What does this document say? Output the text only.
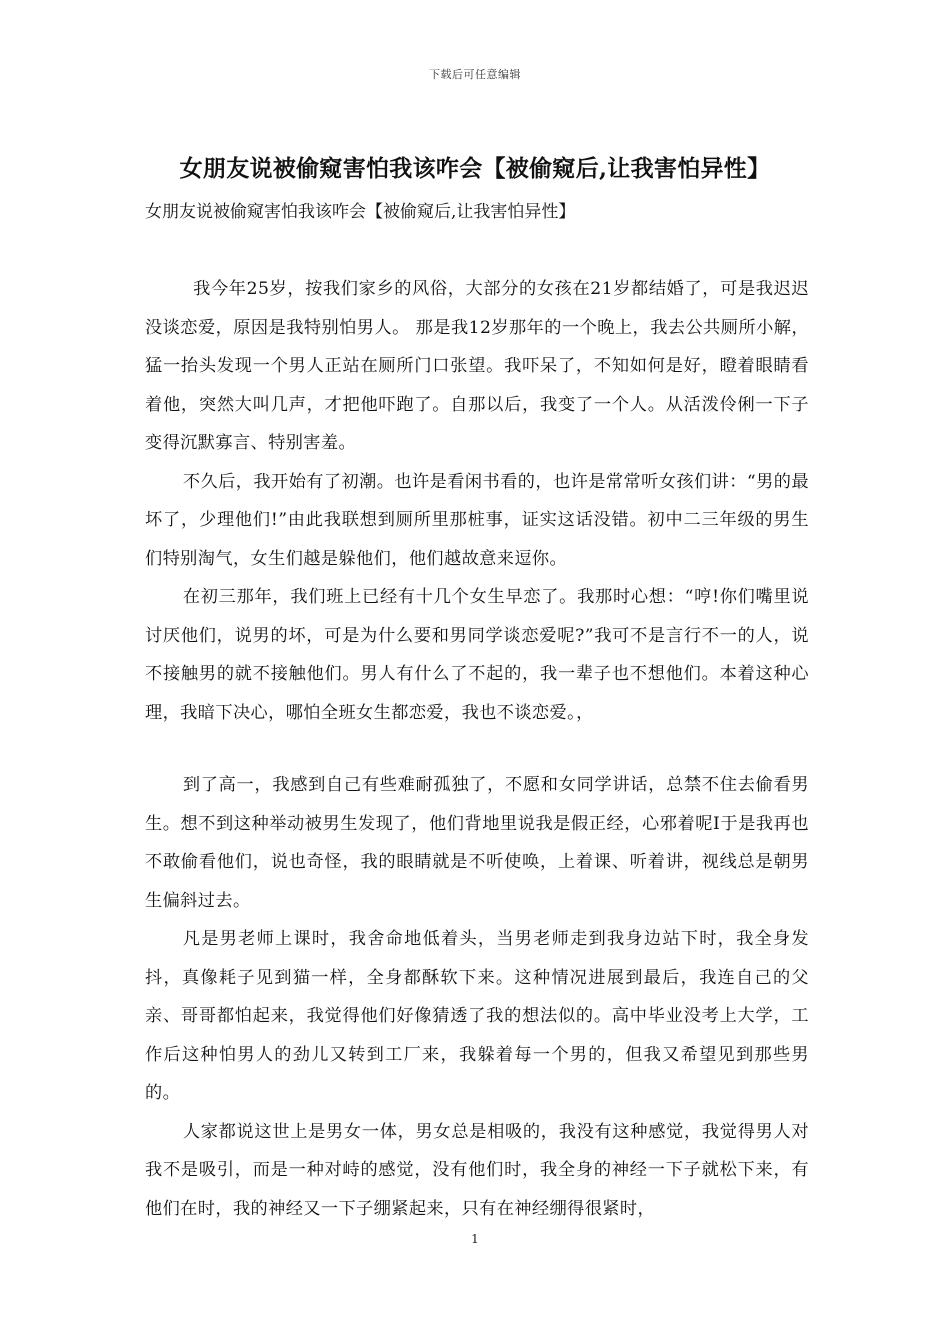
下载后可任意编辑
女朋友说被偷窥害怕我该咋会【被偷窥后,让我害怕异性】
女朋友说被偷窥害怕我该咋会【被偷窥后,让我害怕异性】

我今年25岁，按我们家乡的风俗，大部分的女孩在21岁都结婚了，可是我迟迟没谈恋爱，原因是我特别怕男人。 那是我12岁那年的一个晚上，我去公共厕所小解，猛一抬头发现一个男人正站在厕所门口张望。我吓呆了，不知如何是好，瞪着眼睛看着他，突然大叫几声，才把他吓跑了。自那以后，我变了一个人。从活泼伶俐一下子变得沉默寡言、特别害羞。

不久后，我开始有了初潮。也许是看闲书看的，也许是常常听女孩们讲：“男的最坏了，少理他们!”由此我联想到厕所里那桩事，证实这话没错。初中二三年级的男生们特别淘气，女生们越是躲他们，他们越故意来逗你。

在初三那年，我们班上已经有十几个女生早恋了。我那时心想：“哼!你们嘴里说讨厌他们，说男的坏，可是为什么要和男同学谈恋爱呢?”我可不是言行不一的人，说不接触男的就不接触他们。男人有什么了不起的，我一辈子也不想他们。本着这种心理，我暗下决心，哪怕全班女生都恋爱，我也不谈恋爱。，

到了高一，我感到自己有些难耐孤独了，不愿和女同学讲话，总禁不住去偷看男生。想不到这种举动被男生发现了，他们背地里说我是假正经，心邪着呢I于是我再也不敢偷看他们，说也奇怪，我的眼睛就是不听使唤，上着课、听着讲，视线总是朝男生偏斜过去。

凡是男老师上课时，我舍命地低着头，当男老师走到我身边站下时，我全身发抖，真像耗子见到猫一样，全身都酥软下来。这种情况进展到最后，我连自己的父亲、哥哥都怕起来，我觉得他们好像猜透了我的想法似的。高中毕业没考上大学，工作后这种怕男人的劲儿又转到工厂来，我躲着每一个男的，但我又希望见到那些男的。

人家都说这世上是男女一体，男女总是相吸的，我没有这种感觉，我觉得男人对我不是吸引，而是一种对峙的感觉，没有他们时，我全身的神经一下子就松下来，有他们在时，我的神经又一下子绷紧起来，只有在神经绷得很紧时，

1
